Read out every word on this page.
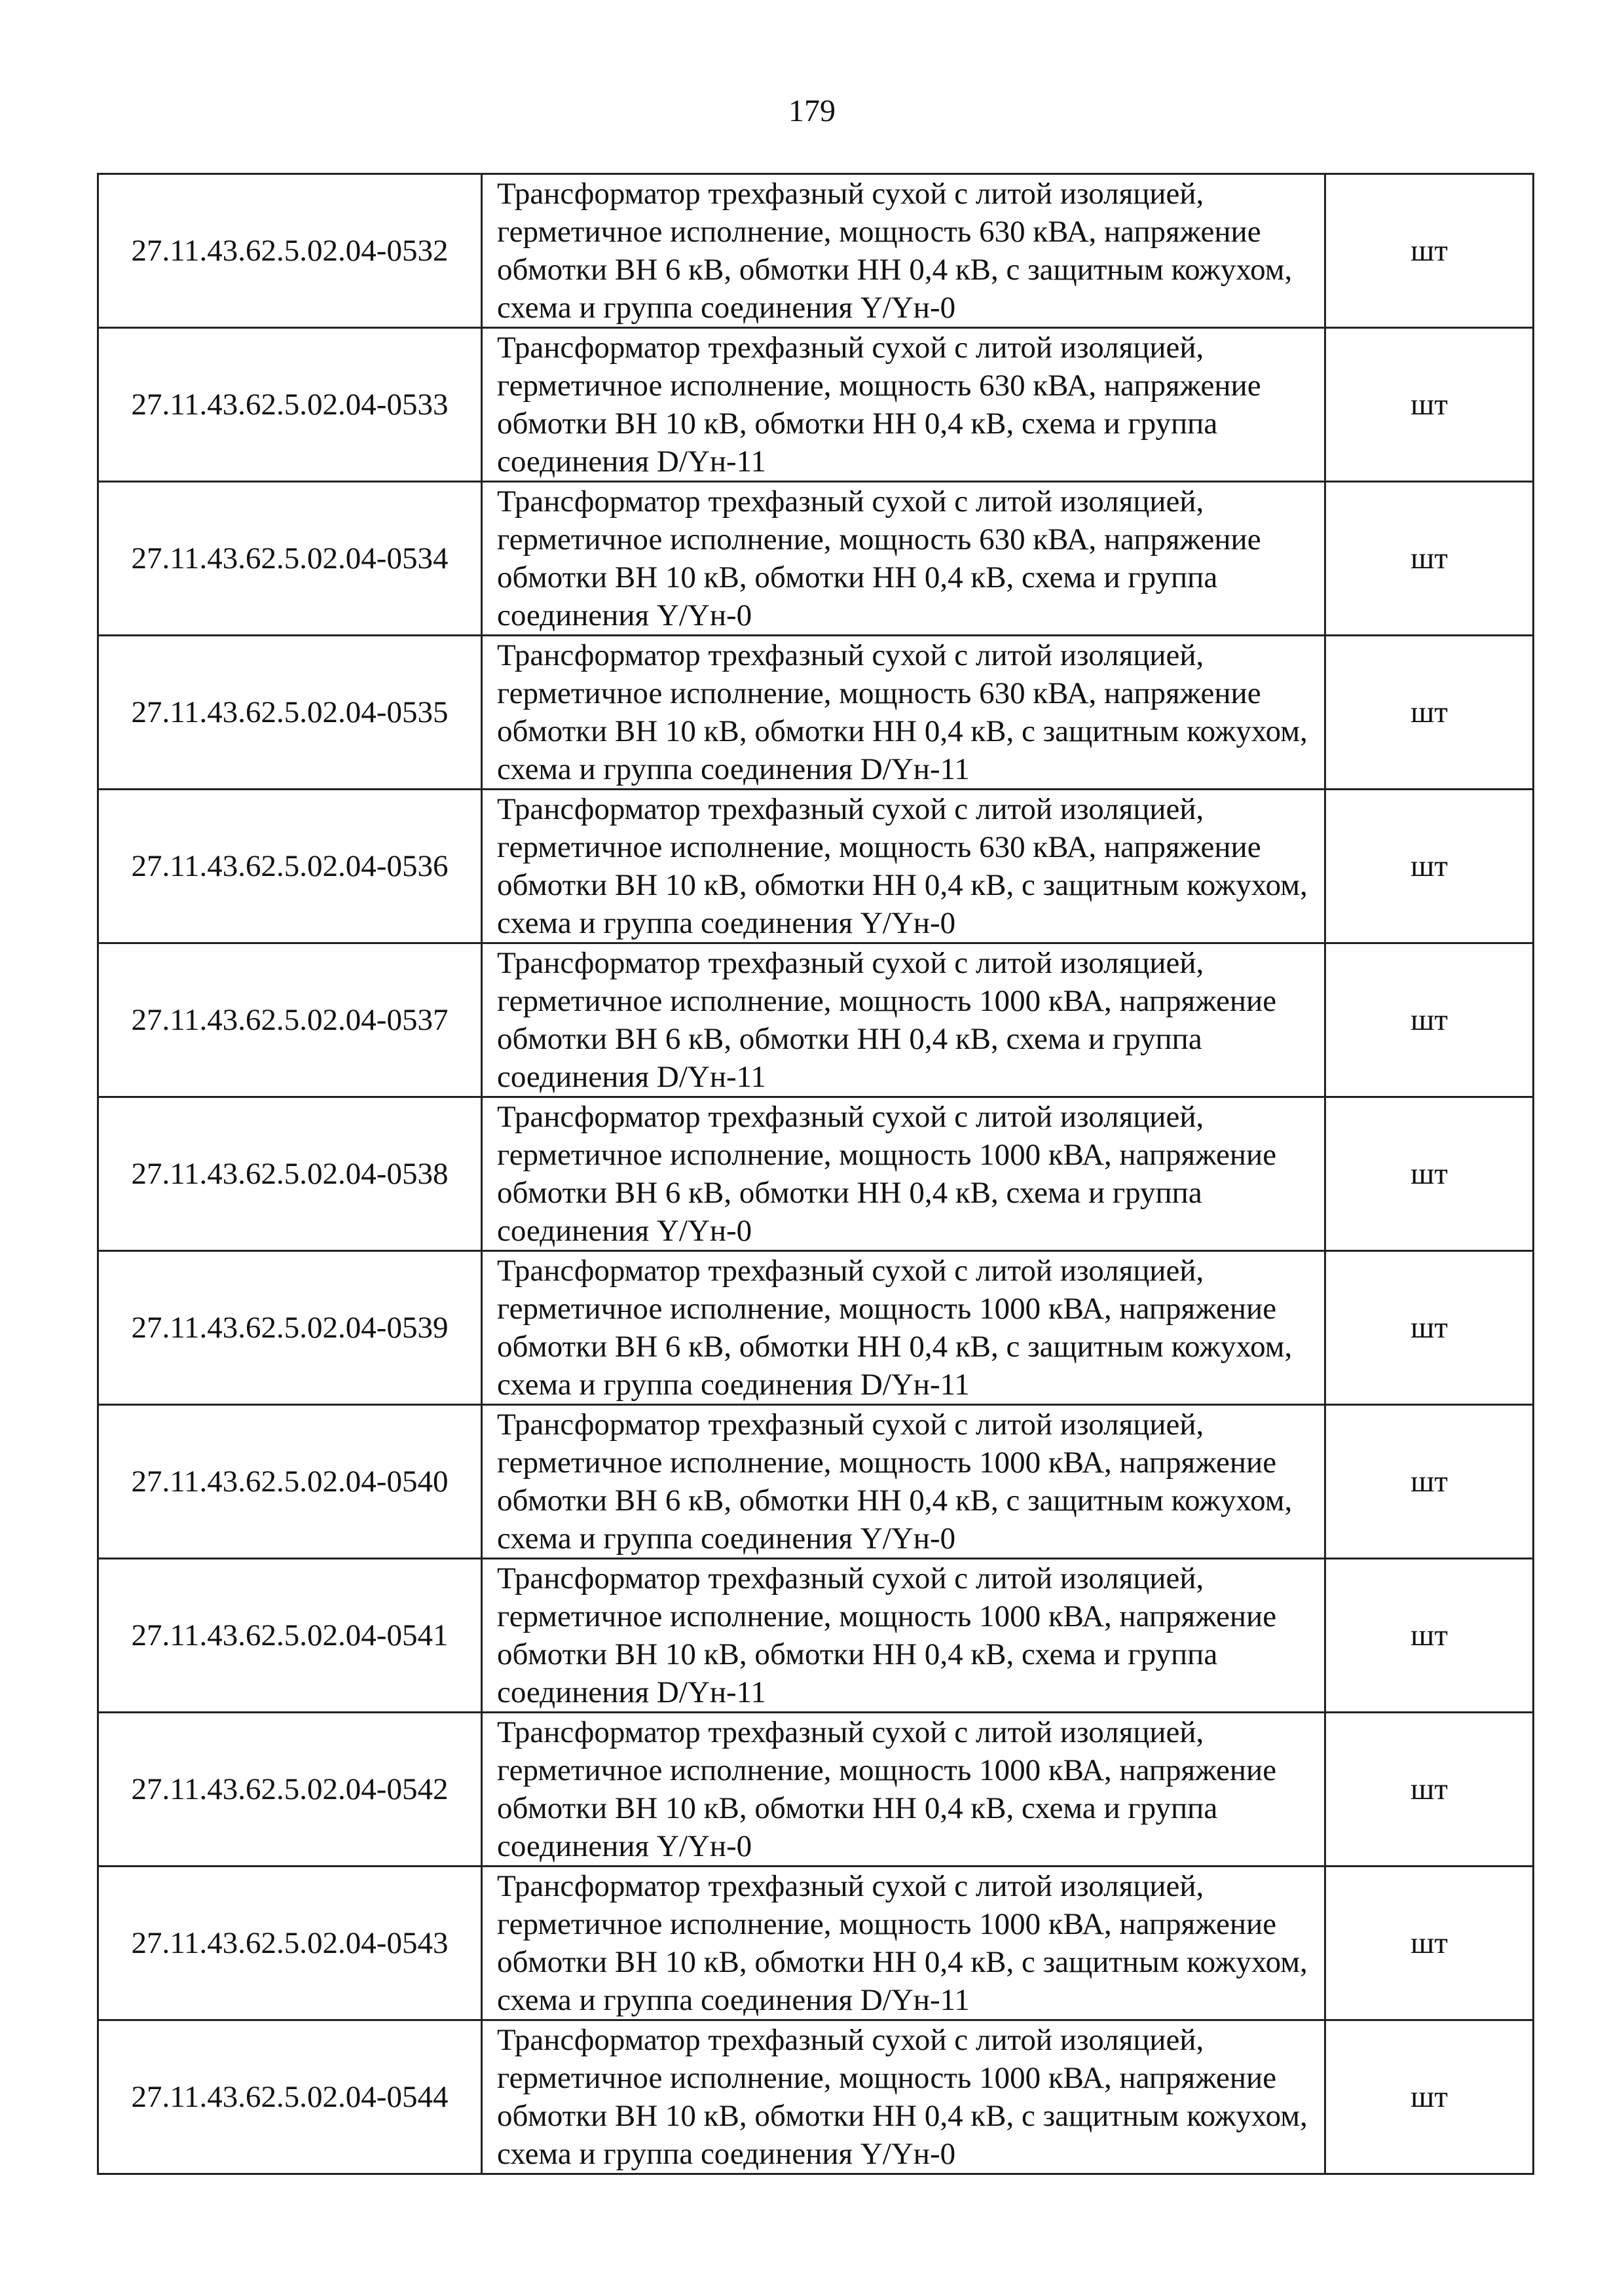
179
27.11.43.62.5.02.04-0532	Трансформатор трехфазный сухой с литой изоляцией, герметичное исполнение, мощность 630 кВА, напряжение обмотки ВН 6 кВ, обмотки НН 0,4 кВ, с защитным кожухом, схема и группа соединения Y/Yн-0	шт
27.11.43.62.5.02.04-0533	Трансформатор трехфазный сухой с литой изоляцией, герметичное исполнение, мощность 630 кВА, напряжение обмотки ВН 10 кВ, обмотки НН 0,4 кВ, схема и группа соединения D/Yн-11	шт
27.11.43.62.5.02.04-0534	Трансформатор трехфазный сухой с литой изоляцией, герметичное исполнение, мощность 630 кВА, напряжение обмотки ВН 10 кВ, обмотки НН 0,4 кВ, схема и группа соединения Y/Yн-0	шт
27.11.43.62.5.02.04-0535	Трансформатор трехфазный сухой с литой изоляцией, герметичное исполнение, мощность 630 кВА, напряжение обмотки ВН 10 кВ, обмотки НН 0,4 кВ, с защитным кожухом, схема и группа соединения D/Yн-11	шт
27.11.43.62.5.02.04-0536	Трансформатор трехфазный сухой с литой изоляцией, герметичное исполнение, мощность 630 кВА, напряжение обмотки ВН 10 кВ, обмотки НН 0,4 кВ, с защитным кожухом, схема и группа соединения Y/Yн-0	шт
27.11.43.62.5.02.04-0537	Трансформатор трехфазный сухой с литой изоляцией, герметичное исполнение, мощность 1000 кВА, напряжение обмотки ВН 6 кВ, обмотки НН 0,4 кВ, схема и группа соединения D/Yн-11	шт
27.11.43.62.5.02.04-0538	Трансформатор трехфазный сухой с литой изоляцией, герметичное исполнение, мощность 1000 кВА, напряжение обмотки ВН 6 кВ, обмотки НН 0,4 кВ, схема и группа соединения Y/Yн-0	шт
27.11.43.62.5.02.04-0539	Трансформатор трехфазный сухой с литой изоляцией, герметичное исполнение, мощность 1000 кВА, напряжение обмотки ВН 6 кВ, обмотки НН 0,4 кВ, с защитным кожухом, схема и группа соединения D/Yн-11	шт
27.11.43.62.5.02.04-0540	Трансформатор трехфазный сухой с литой изоляцией, герметичное исполнение, мощность 1000 кВА, напряжение обмотки ВН 6 кВ, обмотки НН 0,4 кВ, с защитным кожухом, схема и группа соединения Y/Yн-0	шт
27.11.43.62.5.02.04-0541	Трансформатор трехфазный сухой с литой изоляцией, герметичное исполнение, мощность 1000 кВА, напряжение обмотки ВН 10 кВ, обмотки НН 0,4 кВ, схема и группа соединения D/Yн-11	шт
27.11.43.62.5.02.04-0542	Трансформатор трехфазный сухой с литой изоляцией, герметичное исполнение, мощность 1000 кВА, напряжение обмотки ВН 10 кВ, обмотки НН 0,4 кВ, схема и группа соединения Y/Yн-0	шт
27.11.43.62.5.02.04-0543	Трансформатор трехфазный сухой с литой изоляцией, герметичное исполнение, мощность 1000 кВА, напряжение обмотки ВН 10 кВ, обмотки НН 0,4 кВ, с защитным кожухом, схема и группа соединения D/Yн-11	шт
27.11.43.62.5.02.04-0544	Трансформатор трехфазный сухой с литой изоляцией, герметичное исполнение, мощность 1000 кВА, напряжение обмотки ВН 10 кВ, обмотки НН 0,4 кВ, с защитным кожухом, схема и группа соединения Y/Yн-0	шт
